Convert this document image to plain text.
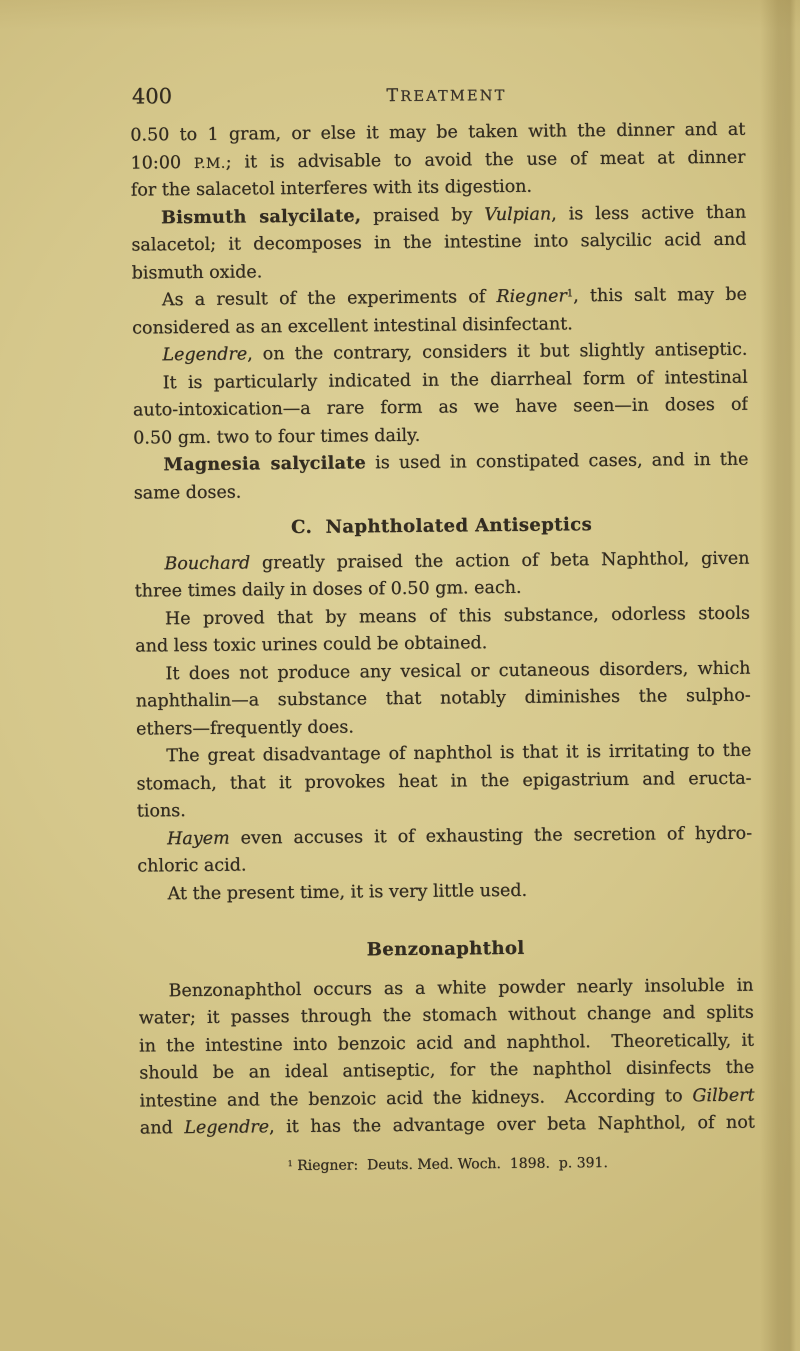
400	TREATMENT
0.50 to 1 gram, or else it may be taken with the dinner and at
10:00 P.M.; it is advisable to avoid the use of meat at dinner
for the salacetol interferes with its digestion.
Bismuth salycilate, praised by Vulpian, is less active than
salacetol; it decomposes in the intestine into salycilic acid and
bismuth oxide.
As a result of the experiments of Riegner$^1$, this salt may be
considered as an excellent intestinal disinfectant.
Legendre, on the contrary, considers it but slightly antiseptic.
It is particularly indicated in the diarrheal form of intestinal
auto-intoxication—a rare form as we have seen—in doses of
0.50 gm. two to four times daily.
Magnesia salycilate is used in constipated cases, and in the
same doses.
C.  Naphtholated Antiseptics
Bouchard greatly praised the action of beta Naphthol, given
three times daily in doses of 0.50 gm. each.
He proved that by means of this substance, odorless stools
and less toxic urines could be obtained.
It does not produce any vesical or cutaneous disorders, which
naphthalin—a substance that notably diminishes the sulpho-
ethers—frequently does.
The great disadvantage of naphthol is that it is irritating to the
stomach, that it provokes heat in the epigastrium and eructa-
tions.
Hayem even accuses it of exhausting the secretion of hydro-
chloric acid.
At the present time, it is very little used.
Benzonaphthol
Benzonaphthol occurs as a white powder nearly insoluble in
water; it passes through the stomach without change and splits
in the intestine into benzoic acid and naphthol.  Theoretically, it
should be an ideal antiseptic, for the naphthol disinfects the
intestine and the benzoic acid the kidneys.  According to Gilbert
and Legendre, it has the advantage over beta Naphthol, of not
$^1$ Riegner:  Deuts. Med. Woch.  1898.  p. 391.
